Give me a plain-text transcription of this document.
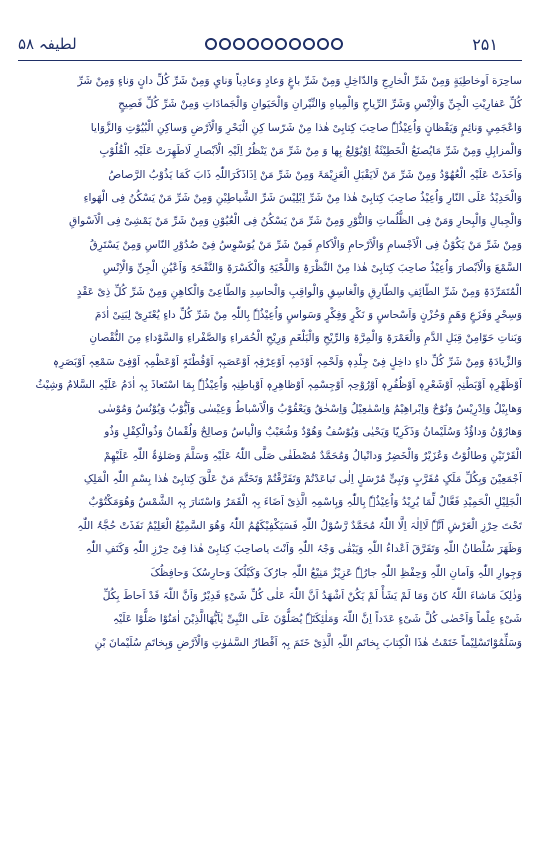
لطیفہ ۵۸	۲۵۱
ساحِرَة اَوخاطِیَةٍ وَمِنْ شَرِّ الْخارِجِ وَالدّاخِلِ وَمِنْ شَرِّ باغٍ وَعادٍ وَعادِیاً وَنایٍ وَمِنْ شَرِّ کُلِّ دانٍ وَناءٍ وَمِنْ شَرِّ
کُلِّ عَفارِیْتِ الْجِنِّ وَالْاِنْسِ وَشَرِّ الرِّیاحِ وَالْمِیاهِ وَالنِّیْرانِ وَالْحَیَوانِ وَالْجَمادَاتِ وَمِنْ شَرِّ کُلِّ فَصِیحٍ
وَاعْجَمِیٍ وَنائِمٍ وَیَقْظانٍ وَاُعِیْذُہٗ صاحِبَ کِتابِیْ ھٰذا مِنْ شَرّسا کِنِ الْبَحْرِ وَالْاَرْضِ وَساکِنِ الْبُیُوْتِ وَالزَّوَایا
وَالْمزابِلِ وَمِنْ شَرِّ مَایُصنَعُ الْخَطِیْئَةُ اِوْیُوْلِعُ بِھا وَ مِنْ شَرِّ مَنْ یَنْظُرُ اِلَیْہِ الْاَبْصارِ لَاطَھِرَتْ عَلَیْہِ الْقُلُوْبِ
وَاَخَذَتْ عَلَیْہِ الْعُھُوْدُ وَمِنْ شَرِّ مَنْ لَایَقْبَلِ الْعَزِیْمَۃَ وَمِنْ شَرِّ مَنْ اِذَاذَکَرَاللّٰہِ ذَابَ کَمَا یَذُوْبُ الرَّصاصُ
وَالْحَدِیْدُ عَلَی النّارِ وَاُعِیْذُ صاحِبَ کِتابِیْ ھٰذا مِنْ شَرِّ اِبْلِیْسَ شَرِّ الشَّیاطِیْنِ وَمِنْ شَرِّ مَنْ یَسْکُنُ فِی الْھَواءِ
وَالْجِبالِ وَالْبِحارِ وَمَنْ فِی الظُّلُماتِ وَالنُّوْرِ وَمِنْ شَرِّ مَنْ یَسْکُنُ فِی الْعُیُوْنِ وَمِنْ شَرِّ مَنْ یَمْشِیْ فِی الْاَسْواقِ
وَمِنْ شَرِّ مَنْ یَکُوْنُ فِی الْاَجْسامِ وَالْاَرْحامِ وَالْاَکامِ فَمِنْ شَرِّ مَنْ یُوَسْوِسُ فِیْ صُدُوْرِ النّاسِ وَمِنْ یَسْتَرِقُ
السَّمْعَ وَالْاَبْصارَ وَاُعِیْذُ صاحِبَ کِتابِیْ ھٰذا مِنْ النَّظْرَۃِ وَاللَّحْیَۃِ وَالْکَسْرَۃِ وَالنَّفْحَۃِ وَاَعْیُنِ الْجِنِّ وَالْاِنْسِ
الْمُتَمَرِّدَۃِ وَمِنْ شَرِّ الطّائِفِ وَالطّارِقِ وَالْغاسِقِ وَالْواقِبِ وَالْحاسِدِ وَالطّاعِیْ وَالْکاھِنِ وَمِنْ شَرِّ کُلِّ ذِیْ عَقْدٍ
وَسِحْرٍ وَفَزَعٍ وَھَمٍ وَحُزْنٍ وَاَسْحاسٍ وَ نَکْرٍ وَفِکْرٍ وَسَواسٍ وَاُعِیْذُہٗ بِاللّٰہِ مِنْ شَرِّ کُلِّ داءٍ یُعْتَرِیْ لِبَنِیْ اٰدَمَ
وَبَناتِ حَوّامِنْ قِبَلِ الدَّمِ وَالْعَمْرَۃِ وَالْمِرَّۃِ وَالرِّیْحِ وَالْبَلْغَمِ وَرِیْحِ الْحُمَراءِ وَالصَّفْراءِ وَالسَّوْداءِ مِنَ النُّقْصانِ
وَالزِّیادَۃِ وَمِنْ شَرِّ کُلِّ داءٍ داخِلٍ فِیْ جِلْدِہٖ وَلَحْمِہٖ اَوْدَمِہٖ اَوْعِرْقِہٖ اَوْعَصَبِہٖ اَوْقُطْنَۃٍ اَوْعَظْمِہٖ اَوْفِیْ سَمْعِہٖ اَوْبَصَرِہٖ
اَوْظَھْرِہٖ اَوْبَطْنِہٖ اَوْشَعْرِہٖ اَوْظُفُرِہٖ اَوْرُوْحِہٖ اَوْجِسْمِہٖ اَوْظاھِرِہٖ اَوْباطِنِہٖ وَاُعِیْذُہٗ بِمَا اسْتَعاذَ بِہٖ اٰدَمُ عَلَیْہِ السَّلامُ وَشِیْثُ
وَھابِیْلُ وَاِدْرِیْسُ وَنُوْحٌ وَاِبْراھِیْمُ وَاِسْمٰعِیْلُ وَاِسْحٰقُ وَیَعْقُوْبُ وَالْاَسْباطُ وَعِیْسٰی وَاَیُّوْبُ وَیُوْنُسُ وَمُوْسٰی
وَھارُوْنُ وَداؤُدُ وَسُلَیْمانُ وَذَکَرِیّا وَیَحْیٰی وَیُوْسُفُ وَھُوْدٌ وَشُعَیْبٌ وَالْیاسُ وَصالِحٌ وَلُقْمانُ وَذُوالْکِفْلِ وَذُو
الْقَرْنَیْنِ وَطالُوْتُ وَعُزَیْرٌ وَالْخَضِرُ وَدانْیالُ وَمُحَمَّدٌ مُصْطَفٰی صَلَّی اللّٰہُ عَلَیْہِ وَسَلَّمَ وَصَلوٰۃُ اللّٰہِ عَلَیْھِمْ
اَجْمَعِیْنَ وَبِکُلِّ مَلَکٍ مُقَرَّبٍ وَنَبِیٍّ مُرْسَلٍ اِلٰی تَباعَدْتُمْ وَتَفَرَّقْتُمْ وَتَخَتَّمَ مَنْ عَلَّقَ کِتابِیْ ھٰذا بِسْمِ اللّٰہِ الْمَلِکِ
الْجَلِیْلِ الْحَمِیْدِ فَعَّالٌ لِّمَا یُرِیْدُ وَاُعِیْذُہٗ بِاللّٰہِ وَبِاسْمِہِ الَّذِیْ اَضَاءَ بِہٖ الْقَمَرُ وَاسْتَنارَ بِہٖ الشَّمْسُ وَھُوَمَکْتُوْبٌ
تَحْتَ حِرْزِ الْعَرْشِ اَنَّہٗ لَااِلٰہَ اِلَّا اللّٰہُ مُحَمَّدٌ رَّسُوْلُ اللّٰہِ فَسَیَکْفِیْکَھُمُ اللّٰہُ وَھُوَ السَّمِیْعُ الْعَلِیْمُ نَفَذَتْ حُجَّۃُ اللّٰہِ
وَظَھَرَ سُلْطانُ اللّٰہِ وَتَفَرَّقَ اَعْداءُ اللّٰہِ وَیَبْقٰی وَجْہُ اللّٰہِ وَاَنْتَ یاصاحِبَ کِتابِیْ ھٰذا فِیْ حِرْزِ اللّٰہِ وَکَنَفِ اللّٰہِ
وَجِوارِ اللّٰہِ وَاَمانِ اللّٰہِ وَحِفْظِ اللّٰہِ جارُہٗ عَزِیْزٌ مَنِیْعُ اللّٰہِ جارُکَ وَکَیْلُکَ وَحارِسُکَ وَحافِظُکَ
وَذٰلِکَ مَاشاءَ اللّٰہُ کانَ وَمَا لَمْ یَشَأْ لَمْ یَکُنْ اَشْھَدُ اَنَّ اللّٰہَ عَلٰی کُلِّ شَیْءٍ قَدِیْرٌ وَاَنَّ اللّٰہَ قَدْ اَحاطَ بِکُلِّ
شَیْءٍ عِلْماً وَاَحْصٰی کُلَّ شَیْءٍ عَدَداً اِنَّ اللّٰہَ وَمَلٰئِکَتَہٗ یُصَلُّوْنَ عَلَی النَّبِیِّ یٰاَیُّھَاالَّذِیْنَ اٰمَنُوْا صَلُّوْا عَلَیْہِ
وَسَلِّمُوْاتَسْلِیْماً خَتَمْتُ ھٰذَا الْکِتابَ بِخاتَمِ اللّٰہِ الَّذِیْ خَتَمَ بِہٖ اَقْطارُ السَّمٰوٰتِ وَالْاَرْضِ وَبِخاتَمِ سُلَیْمانَ بْنِ
